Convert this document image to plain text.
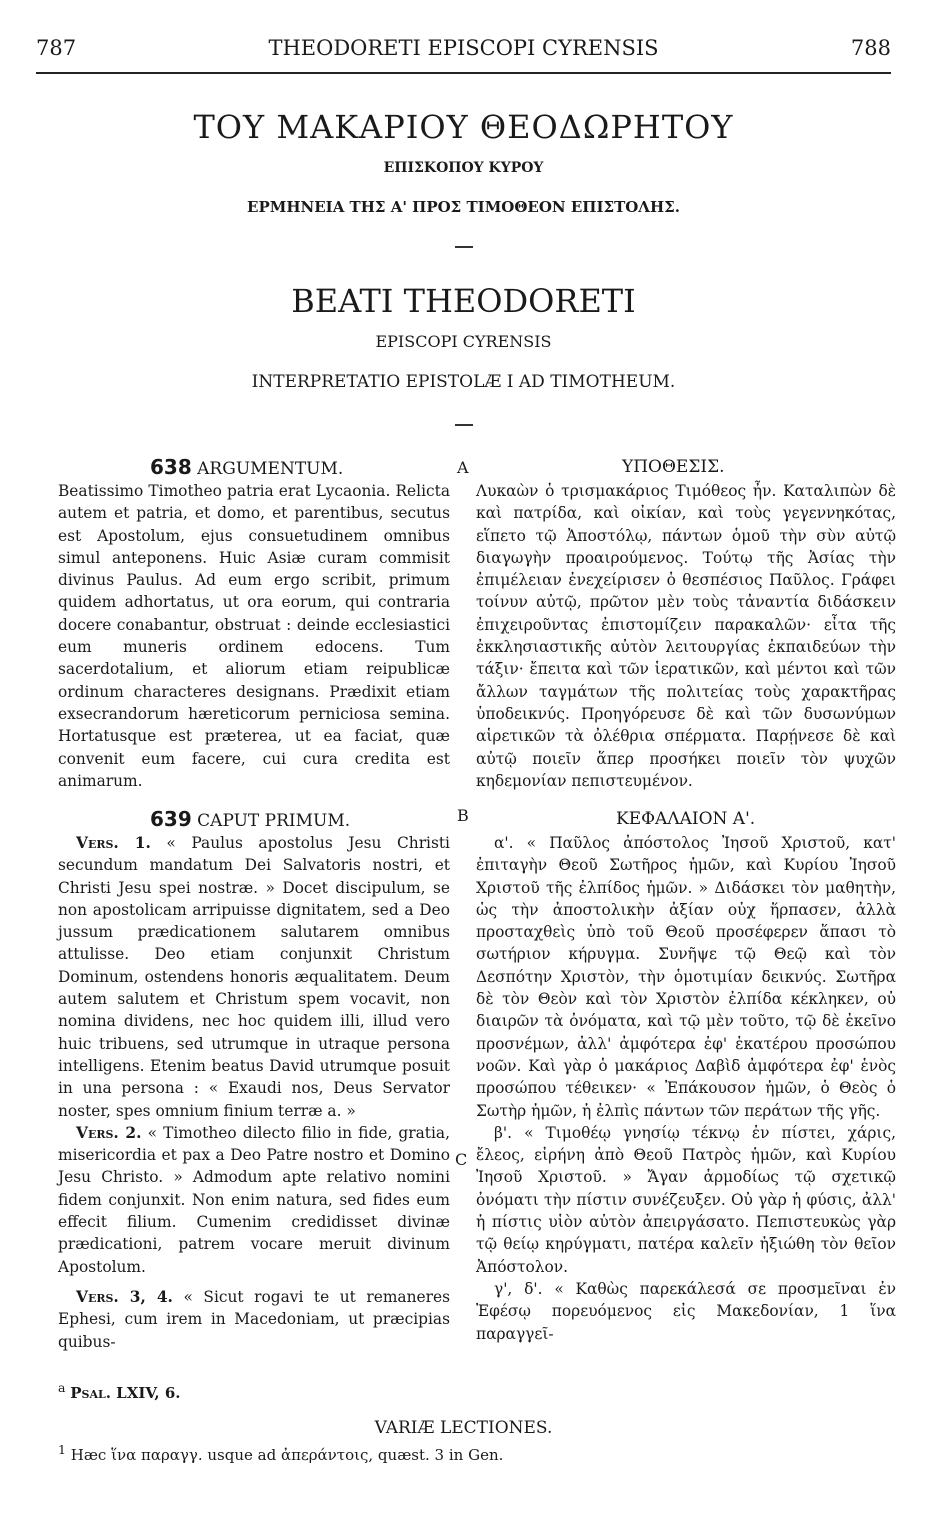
787	THEODORETI EPISCOPI CYRENSIS	788
ΤΟΥ ΜΑΚΑΡΙΟΥ ΘΕΟΔΩΡΗΤΟΥ
ΕΠΙΣΚΟΠΟΥ ΚΥΡΟΥ
ΕΡΜΗΝΕΙΑ ΤΗΣ Α' ΠΡΟΣ ΤΙΜΟΘΕΟΝ ΕΠΙΣΤΟΛΗΣ.
BEATI THEODORETI
EPISCOPI CYRENSIS
INTERPRETATIO EPISTOLÆ I AD TIMOTHEUM.
A
B
C
638 ARGUMENTUM.

Beatissimo Timotheo patria erat Lycaonia. Relicta autem et patria, et domo, et parentibus, secutus est Apostolum, ejus consuetudinem omnibus simul anteponens. Huic Asiæ curam commisit divinus Paulus. Ad eum ergo scribit, primum quidem adhortatus, ut ora eorum, qui contraria docere conabantur, obstruat : deinde ecclesiastici eum muneris ordinem edocens. Tum sacerdotalium, et aliorum etiam reipublicæ ordinum characteres designans. Prædixit etiam exsecrandorum hæreticorum perniciosa semina. Hortatusque est præterea, ut ea faciat, quæ convenit eum facere, cui cura credita est animarum.

ΥΠΟΘΕΣΙΣ.

Λυκαὼν ὁ τρισμακάριος Τιμόθεος ἦν. Καταλιπὼν δὲ καὶ πατρίδα, καὶ οἰκίαν, καὶ τοὺς γεγεννηκότας, εἵπετο τῷ Ἀποστόλῳ, πάντων ὁμοῦ τὴν σὺν αὐτῷ διαγωγὴν προαιρούμενος. Τούτῳ τῆς Ἀσίας τὴν ἐπιμέλειαν ἐνεχείρισεν ὁ θεσπέσιος Παῦλος. Γράφει τοίνυν αὐτῷ, πρῶτον μὲν τοὺς τἀναντία διδάσκειν ἐπιχειροῦντας ἐπιστομίζειν παρακαλῶν· εἶτα τῆς ἐκκλησιαστικῆς αὐτὸν λειτουργίας ἐκπαιδεύων τὴν τάξιν· ἔπειτα καὶ τῶν ἱερατικῶν, καὶ μέντοι καὶ τῶν ἄλλων ταγμάτων τῆς πολιτείας τοὺς χαρακτῆρας ὑποδεικνύς. Προηγόρευσε δὲ καὶ τῶν δυσωνύμων αἱρετικῶν τὰ ὀλέθρια σπέρματα. Παρῄνεσε δὲ καὶ αὐτῷ ποιεῖν ἅπερ προσήκει ποιεῖν τὸν ψυχῶν κηδεμονίαν πεπιστευμένον.

639 CAPUT PRIMUM.

Vers. 1. « Paulus apostolus Jesu Christi secundum mandatum Dei Salvatoris nostri, et Christi Jesu spei nostræ. » Docet discipulum, se non apostolicam arripuisse dignitatem, sed a Deo jussum prædicationem salutarem omnibus attulisse. Deo etiam conjunxit Christum Dominum, ostendens honoris æqualitatem. Deum autem salutem et Christum spem vocavit, non nomina dividens, nec hoc quidem illi, illud vero huic tribuens, sed utrumque in utraque persona intelligens. Etenim beatus David utrumque posuit in una persona : « Exaudi nos, Deus Servator noster, spes omnium finium terræ a. »

Vers. 2. « Timotheo dilecto filio in fide, gratia, misericordia et pax a Deo Patre nostro et Domino Jesu Christo. » Admodum apte relativo nomini fidem conjunxit. Non enim natura, sed fides eum effecit filium. Cumenim credidisset divinæ prædicationi, patrem vocare meruit divinum Apostolum.

Vers. 3, 4. « Sicut rogavi te ut remaneres Ephesi, cum irem in Macedoniam, ut præcipias quibus-

ΚΕΦΑΛΑΙΟΝ Α'.

α'. « Παῦλος ἀπόστολος Ἰησοῦ Χριστοῦ, κατ' ἐπιταγὴν Θεοῦ Σωτῆρος ἡμῶν, καὶ Κυρίου Ἰησοῦ Χριστοῦ τῆς ἐλπίδος ἡμῶν. » Διδάσκει τὸν μαθητὴν, ὡς τὴν ἀποστολικὴν ἀξίαν οὐχ ἥρπασεν, ἀλλὰ προσταχθεὶς ὑπὸ τοῦ Θεοῦ προσέφερεν ἅπασι τὸ σωτήριον κήρυγμα. Συνῆψε τῷ Θεῷ καὶ τὸν Δεσπότην Χριστὸν, τὴν ὁμοτιμίαν δεικνύς. Σωτῆρα δὲ τὸν Θεὸν καὶ τὸν Χριστὸν ἐλπίδα κέκληκεν, οὐ διαιρῶν τὰ ὀνόματα, καὶ τῷ μὲν τοῦτο, τῷ δὲ ἐκεῖνο προσνέμων, ἀλλ' ἀμφότερα ἐφ' ἑκατέρου προσώπου νοῶν. Καὶ γὰρ ὁ μακάριος Δαβὶδ ἀμφότερα ἐφ' ἑνὸς προσώπου τέθεικεν· « Ἐπάκουσον ἡμῶν, ὁ Θεὸς ὁ Σωτὴρ ἡμῶν, ἡ ἐλπὶς πάντων τῶν περάτων τῆς γῆς.

β'. « Τιμοθέῳ γνησίῳ τέκνῳ ἐν πίστει, χάρις, ἔλεος, εἰρήνη ἀπὸ Θεοῦ Πατρὸς ἡμῶν, καὶ Κυρίου Ἰησοῦ Χριστοῦ. » Ἄγαν ἁρμοδίως τῷ σχετικῷ ὀνόματι τὴν πίστιν συνέζευξεν. Οὐ γὰρ ἡ φύσις, ἀλλ' ἡ πίστις υἱὸν αὐτὸν ἀπειργάσατο. Πεπιστευκὼς γὰρ τῷ θείῳ κηρύγματι, πατέρα καλεῖν ἠξιώθη τὸν θεῖον Ἀπόστολον.

γ', δ'. « Καθὼς παρεκάλεσά σε προσμεῖναι ἐν Ἐφέσῳ πορευόμενος εἰς Μακεδονίαν, 1 ἵνα παραγγεῖ-

$^a$ Psal. LXIV, 6.
VARIÆ LECTIONES.
$^1$ Hæc ἵνα παραγγ. usque ad ἀπεράντοις, quæst. 3 in Gen.
